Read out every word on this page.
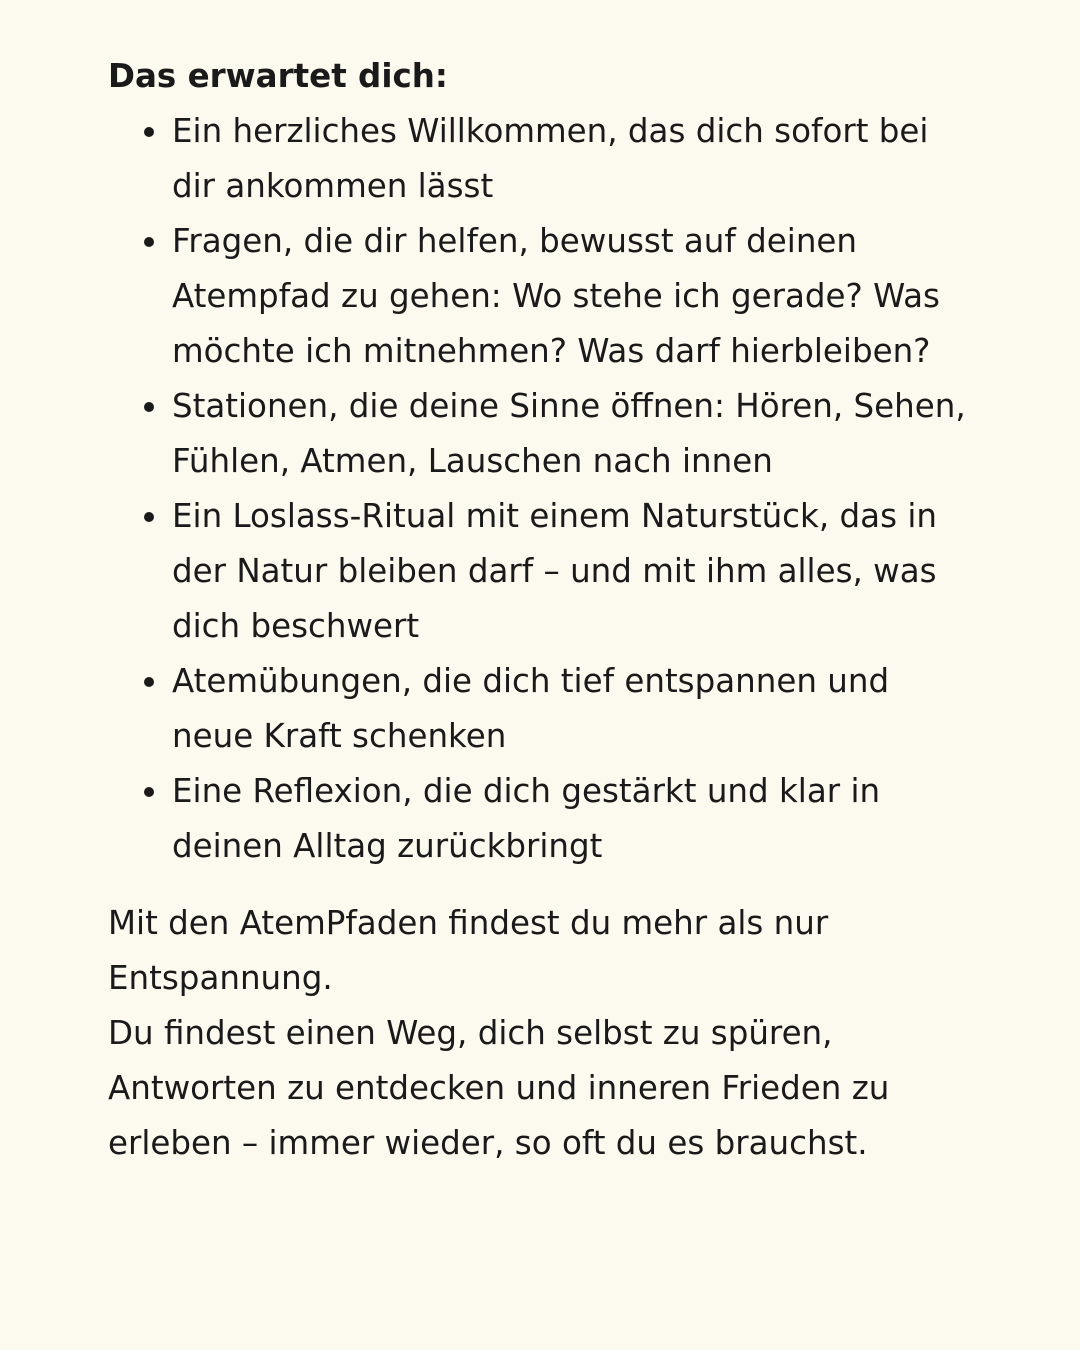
Das erwartet dich:

Ein herzliches Willkommen, das dich sofort bei dir ankommen lässt
Fragen, die dir helfen, bewusst auf deinen Atempfad zu gehen: Wo stehe ich gerade? Was möchte ich mitnehmen? Was darf hierbleiben?
Stationen, die deine Sinne öffnen: Hören, Sehen, Fühlen, Atmen, Lauschen nach innen
Ein Loslass-Ritual mit einem Naturstück, das in der Natur bleiben darf – und mit ihm alles, was dich beschwert
Atemübungen, die dich tief entspannen und neue Kraft schenken
Eine Reflexion, die dich gestärkt und klar in deinen Alltag zurückbringt

Mit den AtemPfaden findest du mehr als nur Entspannung.

Du findest einen Weg, dich selbst zu spüren, Antworten zu entdecken und inneren Frieden zu erleben – immer wieder, so oft du es brauchst.
